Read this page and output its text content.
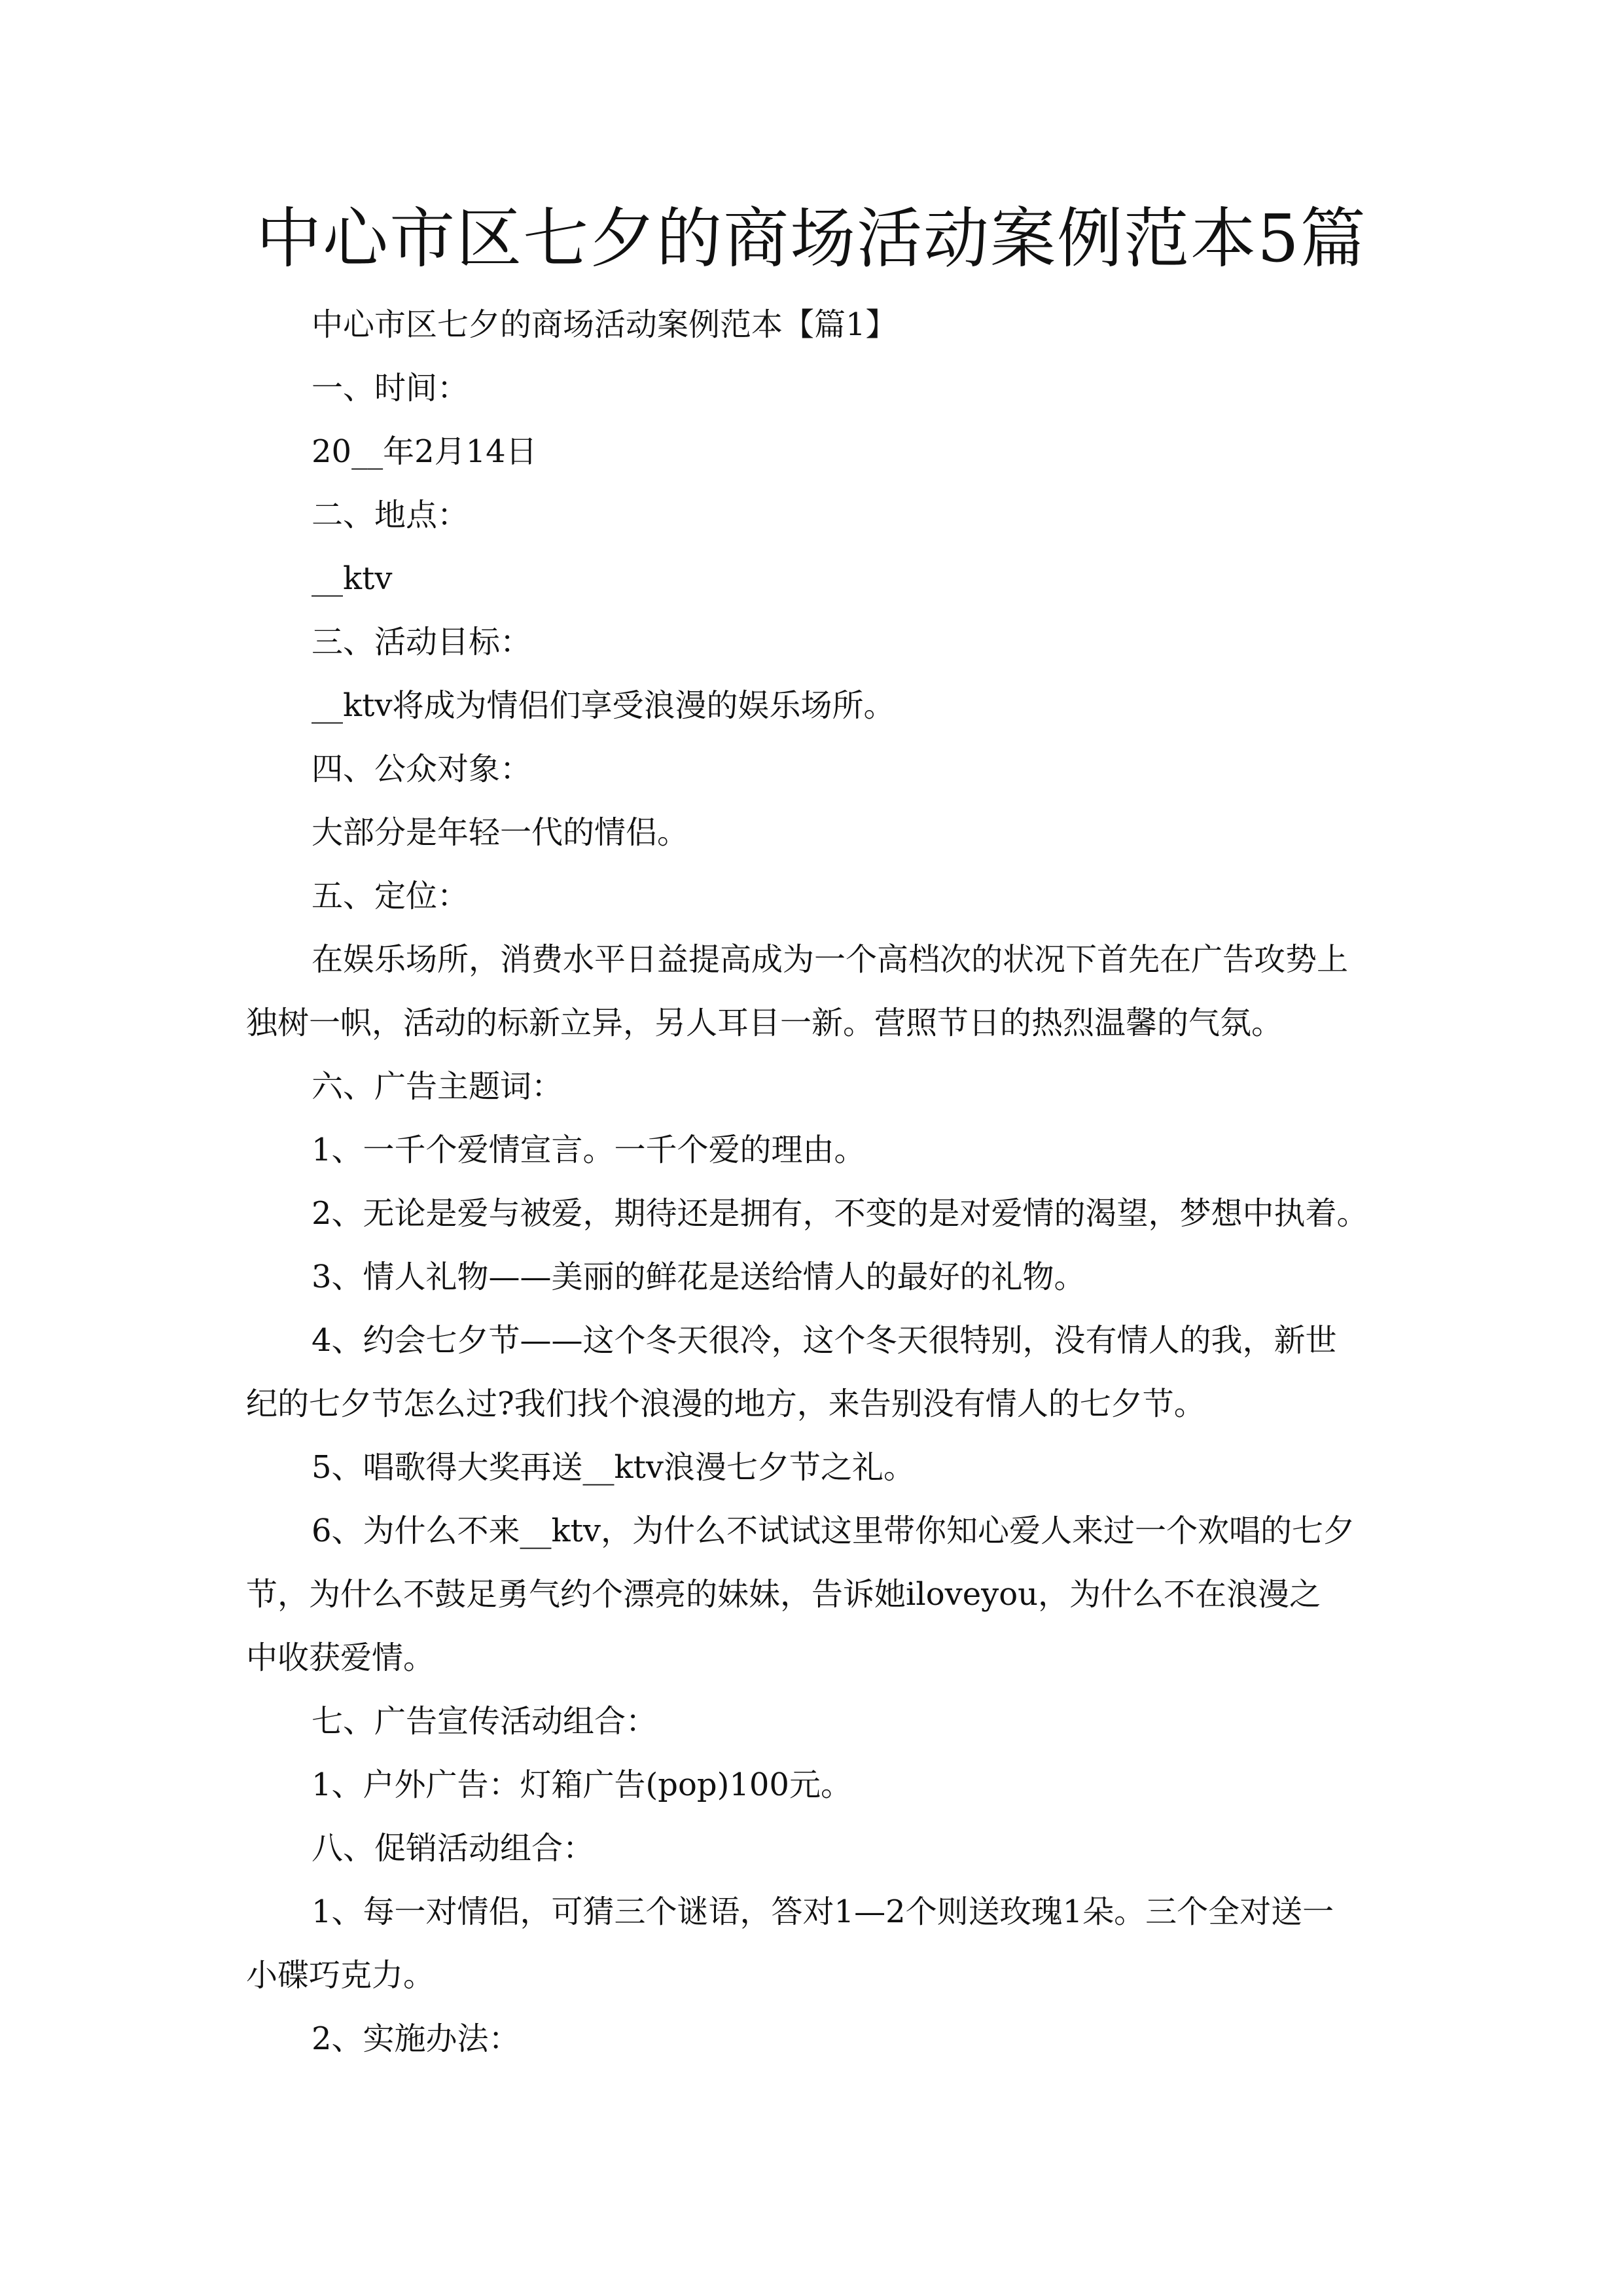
中心市区七夕的商场活动案例范本5篇

中心市区七夕的商场活动案例范本【篇1】

一、时间：

20__年2月14日

二、地点：

__ktv

三、活动目标：

__ktv将成为情侣们享受浪漫的娱乐场所。

四、公众对象：

大部分是年轻一代的情侣。

五、定位：

在娱乐场所，消费水平日益提高成为一个高档次的状况下首先在广告攻势上

独树一帜，活动的标新立异，另人耳目一新。营照节日的热烈温馨的气氛。

六、广告主题词：

1、一千个爱情宣言。一千个爱的理由。

2、无论是爱与被爱，期待还是拥有，不变的是对爱情的渴望，梦想中执着。

3、情人礼物——美丽的鲜花是送给情人的最好的礼物。

4、约会七夕节——这个冬天很冷，这个冬天很特别，没有情人的我，新世

纪的七夕节怎么过?我们找个浪漫的地方，来告别没有情人的七夕节。

5、唱歌得大奖再送__ktv浪漫七夕节之礼。

6、为什么不来__ktv，为什么不试试这里带你知心爱人来过一个欢唱的七夕

节，为什么不鼓足勇气约个漂亮的妹妹，告诉她iloveyou，为什么不在浪漫之

中收获爱情。

七、广告宣传活动组合：

1、户外广告：灯箱广告(pop)100元。

八、促销活动组合：

1、每一对情侣，可猜三个谜语，答对1—2个则送玫瑰1朵。三个全对送一

小碟巧克力。

2、实施办法：
